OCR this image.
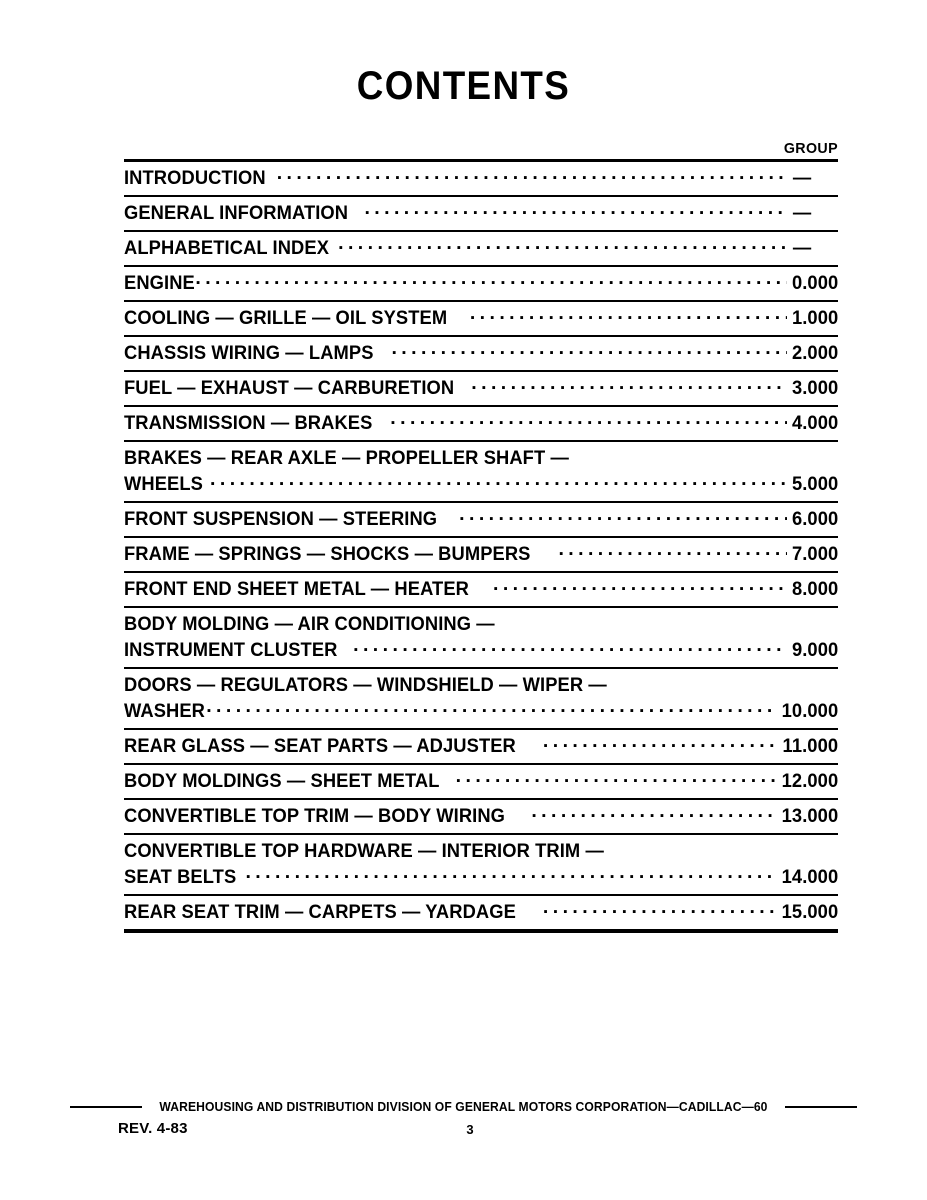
CONTENTS
GROUP
INTRODUCTION . . .	—
GENERAL INFORMATION . . .	—
ALPHABETICAL INDEX . . .	—
ENGINE . . .	0.000
COOLING — GRILLE — OIL SYSTEM . . .	1.000
CHASSIS WIRING — LAMPS . . .	2.000
FUEL — EXHAUST — CARBURETION . . .	3.000
TRANSMISSION — BRAKES . . .	4.000
BRAKES — REAR AXLE — PROPELLER SHAFT —
WHEELS . . .	5.000
FRONT SUSPENSION — STEERING . . .	6.000
FRAME — SPRINGS — SHOCKS — BUMPERS . . .	7.000
FRONT END SHEET METAL — HEATER . . .	8.000
BODY MOLDING — AIR CONDITIONING —
INSTRUMENT CLUSTER . . .	9.000
DOORS — REGULATORS — WINDSHIELD — WIPER —
WASHER . . .	10.000
REAR GLASS — SEAT PARTS — ADJUSTER . . .	11.000
BODY MOLDINGS — SHEET METAL . . .	12.000
CONVERTIBLE TOP TRIM — BODY WIRING . . .	13.000
CONVERTIBLE TOP HARDWARE — INTERIOR TRIM —
SEAT BELTS . . .	14.000
REAR SEAT TRIM — CARPETS — YARDAGE . . .	15.000
WAREHOUSING AND DISTRIBUTION DIVISION OF GENERAL MOTORS CORPORATION—CADILLAC—60
REV. 4-83	3
